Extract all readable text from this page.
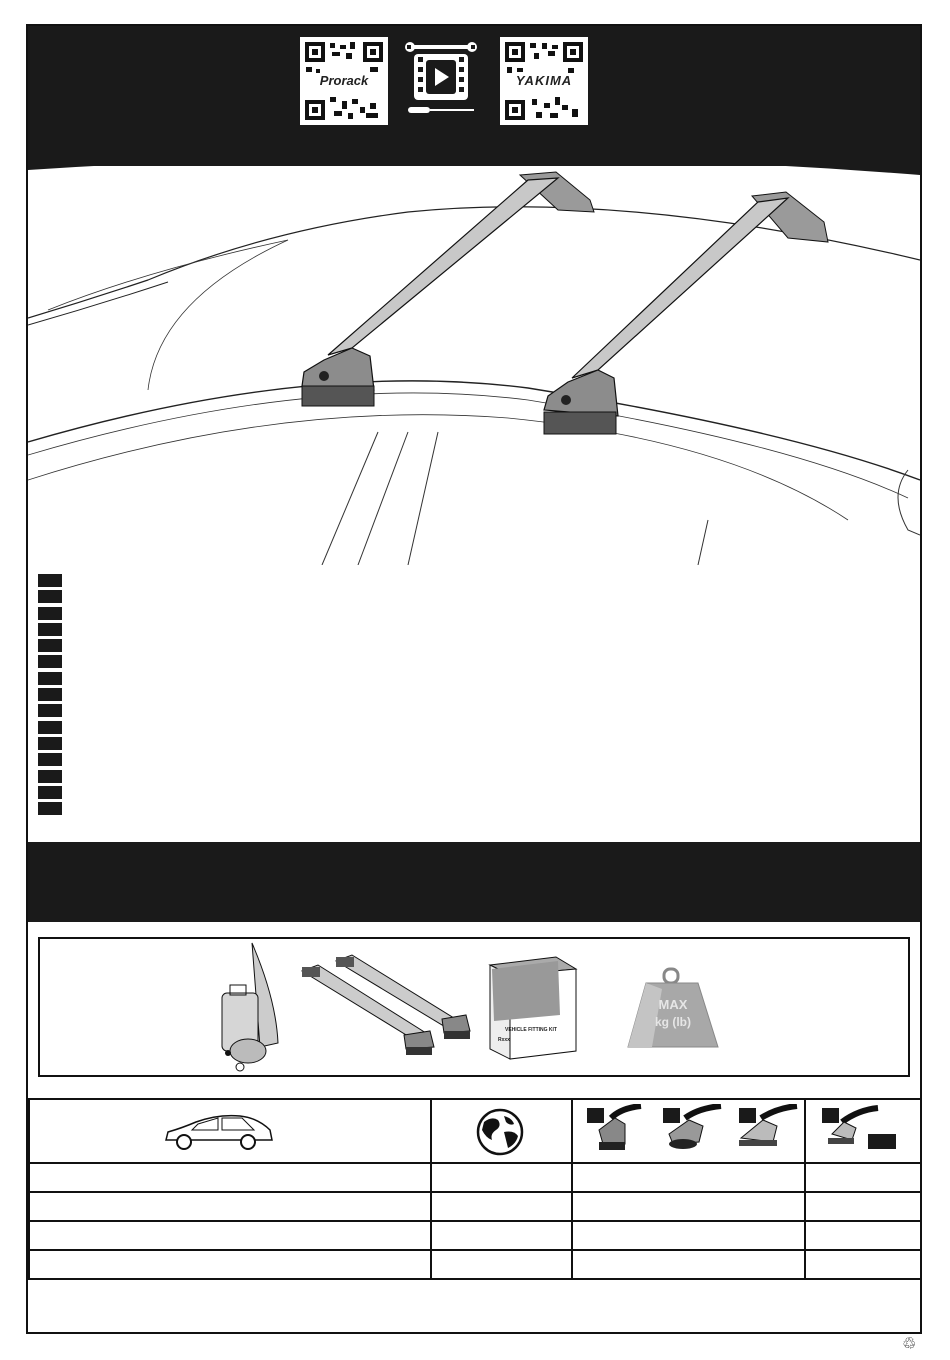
Prorack	YAKIMA
VEHICLE FITTING KIT
Rxxx
MAX
kg (lb)

♲
